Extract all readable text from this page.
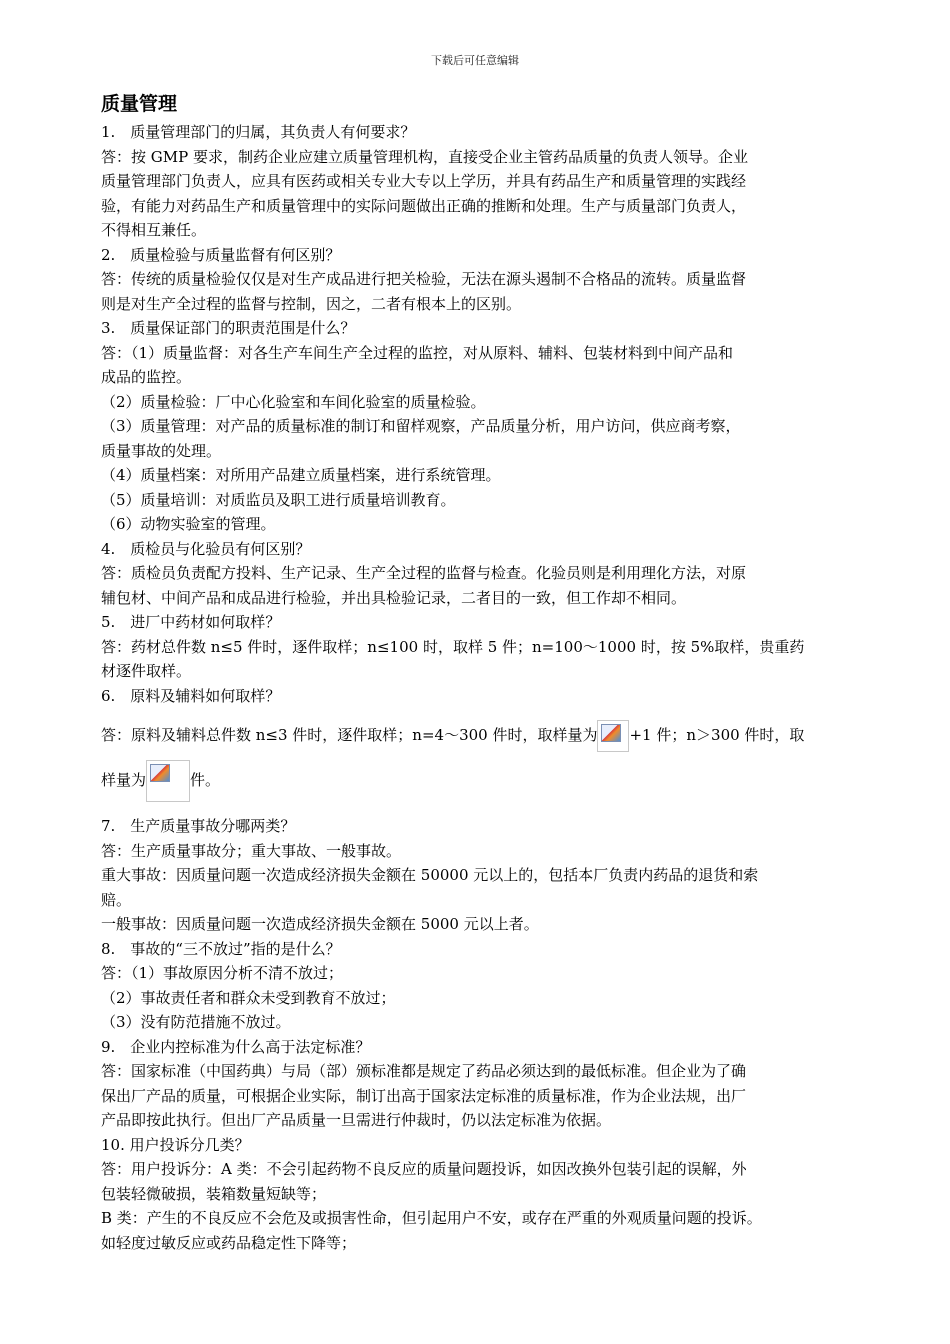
下载后可任意编辑

质量管理

1.　质量管理部门的归属，其负责人有何要求？

答：按 GMP 要求，制药企业应建立质量管理机构，直接受企业主管药品质量的负责人领导。企业

质量管理部门负责人，应具有医药或相关专业大专以上学历，并具有药品生产和质量管理的实践经

验，有能力对药品生产和质量管理中的实际问题做出正确的推断和处理。生产与质量部门负责人，

不得相互兼任。

2.　质量检验与质量监督有何区别？

答：传统的质量检验仅仅是对生产成品进行把关检验，无法在源头遏制不合格品的流转。质量监督

则是对生产全过程的监督与控制，因之，二者有根本上的区别。

3.　质量保证部门的职责范围是什么？

答：（1）质量监督：对各生产车间生产全过程的监控，对从原料、辅料、包装材料到中间产品和

成品的监控。

（2）质量检验：厂中心化验室和车间化验室的质量检验。

（3）质量管理：对产品的质量标准的制订和留样观察，产品质量分析，用户访问，供应商考察，

质量事故的处理。

（4）质量档案：对所用产品建立质量档案，进行系统管理。

（5）质量培训：对质监员及职工进行质量培训教育。

（6）动物实验室的管理。

4.　质检员与化验员有何区别？

答：质检员负责配方投料、生产记录、生产全过程的监督与检查。化验员则是利用理化方法，对原

辅包材、中间产品和成品进行检验，并出具检验记录，二者目的一致，但工作却不相同。

5.　进厂中药材如何取样？

答：药材总件数 n≤5 件时，逐件取样；n≤100 时，取样 5 件；n=100～1000 时，按 5%取样，贵重药

材逐件取样。

6.　原料及辅料如何取样？

答：原料及辅料总件数 n≤3 件时，逐件取样；n=4～300 件时，取样量为 +1 件；n＞300 件时，取

样量为	件。

7.　生产质量事故分哪两类？

答：生产质量事故分；重大事故、一般事故。

重大事故：因质量问题一次造成经济损失金额在 50000 元以上的，包括本厂负责内药品的退货和索

赔。

一般事故：因质量问题一次造成经济损失金额在 5000 元以上者。

8.　事故的“三不放过”指的是什么？

答：（1）事故原因分析不清不放过；

（2）事故责任者和群众未受到教育不放过；

（3）没有防范措施不放过。

9.　企业内控标准为什么高于法定标准？

答：国家标准（中国药典）与局（部）颁标准都是规定了药品必须达到的最低标准。但企业为了确

保出厂产品的质量，可根据企业实际，制订出高于国家法定标准的质量标准，作为企业法规，出厂

产品即按此执行。但出厂产品质量一旦需进行仲裁时，仍以法定标准为依据。

10. 用户投诉分几类？

答：用户投诉分：A 类：不会引起药物不良反应的质量问题投诉，如因改换外包装引起的误解，外

包装轻微破损，装箱数量短缺等；

B 类：产生的不良反应不会危及或损害性命，但引起用户不安，或存在严重的外观质量问题的投诉。

如轻度过敏反应或药品稳定性下降等；
